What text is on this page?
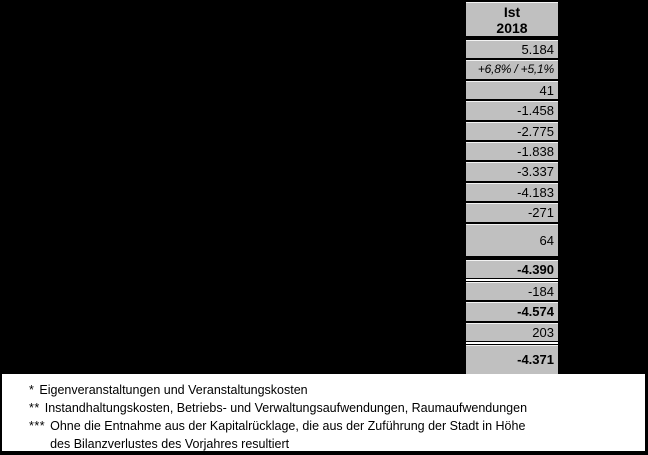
Ist
2018
5.184
+6,8% / +5,1%
41
-1.458
-2.775
-1.838
-3.337
-4.183
-271
64
-4.390
-184
-4.574
203
-4.371
* Eigenveranstaltungen und Veranstaltungskosten
** Instandhaltungskosten, Betriebs- und Verwaltungsaufwendungen, Raumaufwendungen
*** Ohne die Entnahme aus der Kapitalrücklage, die aus der Zuführung der Stadt in Höhe
des Bilanzverlustes des Vorjahres resultiert
